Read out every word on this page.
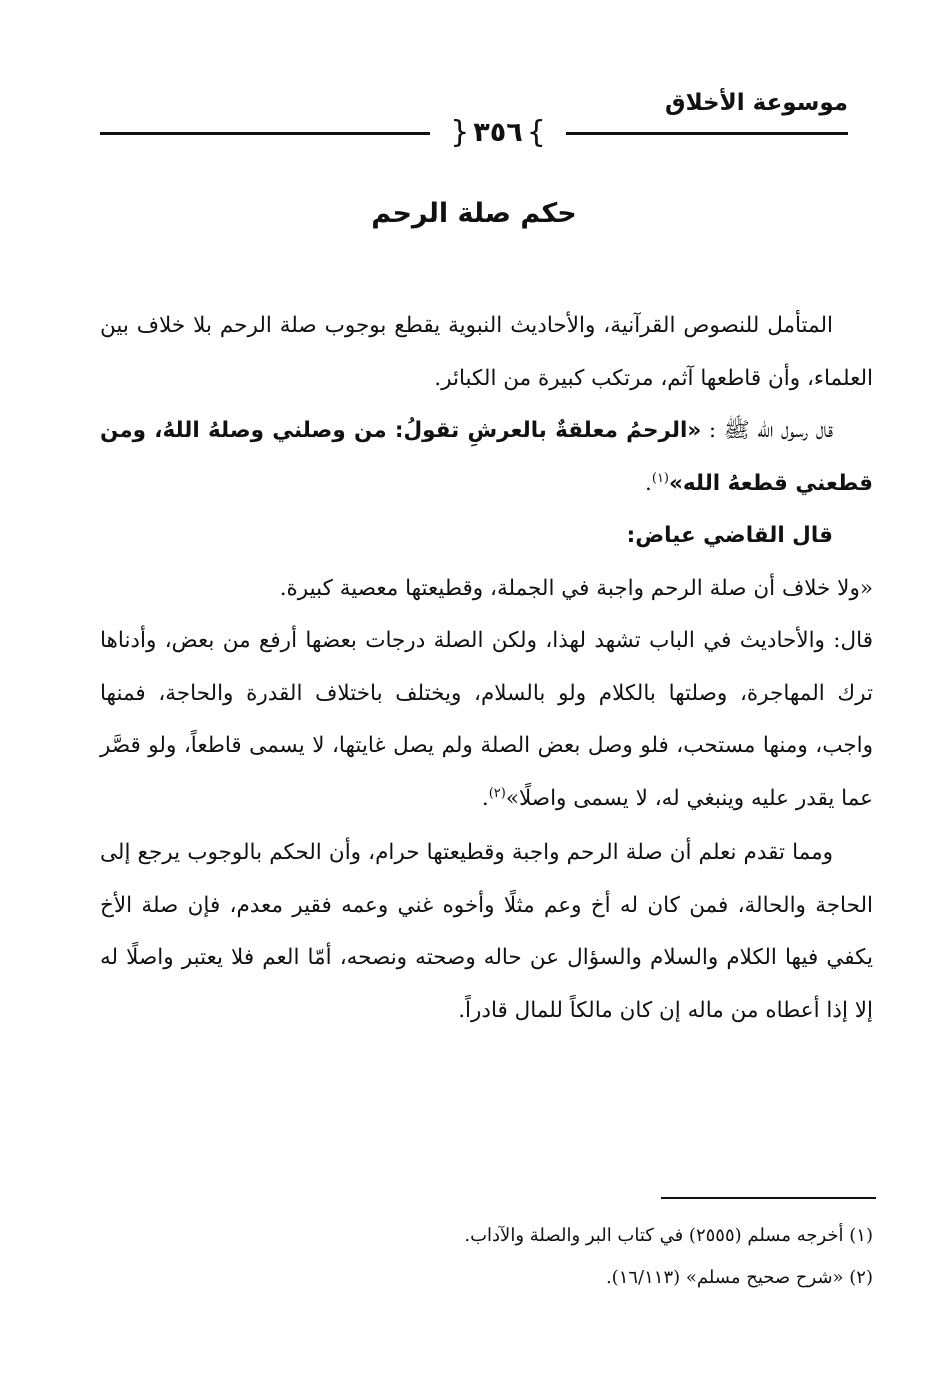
موسوعة الأخلاق
}
٣٥٦
{
حكم صلة الرحم

المتأمل للنصوص القرآنية، والأحاديث النبوية يقطع بوجوب صلة الرحم بلا خلاف بين العلماء، وأن قاطعها آثم، مرتكب كبيرة من الكبائر.

قال رسول الله ﷺ : «الرحمُ معلقةٌ بالعرشِ تقولُ: من وصلني وصلهُ اللهُ، ومن قطعني قطعهُ الله»$^{(١)}$.

قال القاضي عياض:

«ولا خلاف أن صلة الرحم واجبة في الجملة، وقطيعتها معصية كبيرة.

قال: والأحاديث في الباب تشهد لهذا، ولكن الصلة درجات بعضها أرفع من بعض، وأدناها ترك المهاجرة، وصلتها بالكلام ولو بالسلام، ويختلف باختلاف القدرة والحاجة، فمنها واجب، ومنها مستحب، فلو وصل بعض الصلة ولم يصل غايتها، لا يسمى قاطعاً، ولو قصَّر عما يقدر عليه وينبغي له، لا يسمى واصلًا»$^{(٢)}$.

ومما تقدم نعلم أن صلة الرحم واجبة وقطيعتها حرام، وأن الحكم بالوجوب يرجع إلى الحاجة والحالة، فمن كان له أخ وعم مثلًا وأخوه غني وعمه فقير معدم، فإن صلة الأخ يكفي فيها الكلام والسلام والسؤال عن حاله وصحته ونصحه، أمّا العم فلا يعتبر واصلًا له إلا إذا أعطاه من ماله إن كان مالكاً للمال قادراً.

(١) أخرجه مسلم (٢٥٥٥) في كتاب البر والصلة والآداب.

(٢) «شرح صحيح مسلم» (١٦/١١٣).
